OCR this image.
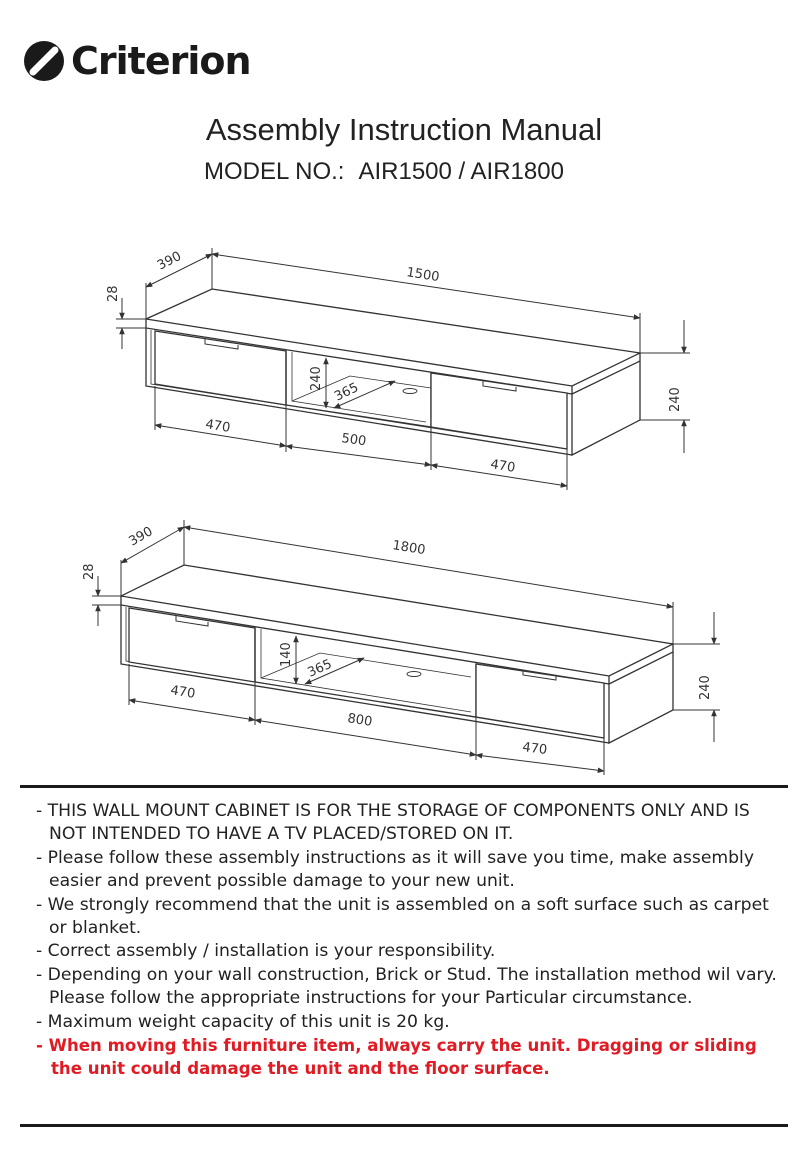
Criterion
Assembly Instruction Manual
MODEL NO.: AIR1500 / AIR1800
390
1500
28
240
470
500
470
240
365
390	1800
28
240
470
800
470
140
365
- THIS WALL MOUNT CABINET IS FOR THE STORAGE OF COMPONENTS ONLY AND IS NOT INTENDED TO HAVE A TV PLACED/STORED ON IT.
- Please follow these assembly instructions as it will save you time, make assembly easier and prevent possible damage to your new unit.
- We strongly recommend that the unit is assembled on a soft surface such as carpet or blanket.
- Correct assembly / installation is your responsibility.
- Depending on your wall construction, Brick or Stud. The installation method wil vary. Please follow the appropriate instructions for your Particular circumstance.
- Maximum weight capacity of this unit is 20 kg.
- When moving this furniture item, always carry the unit. Dragging or sliding the unit could damage the unit and the floor surface.
